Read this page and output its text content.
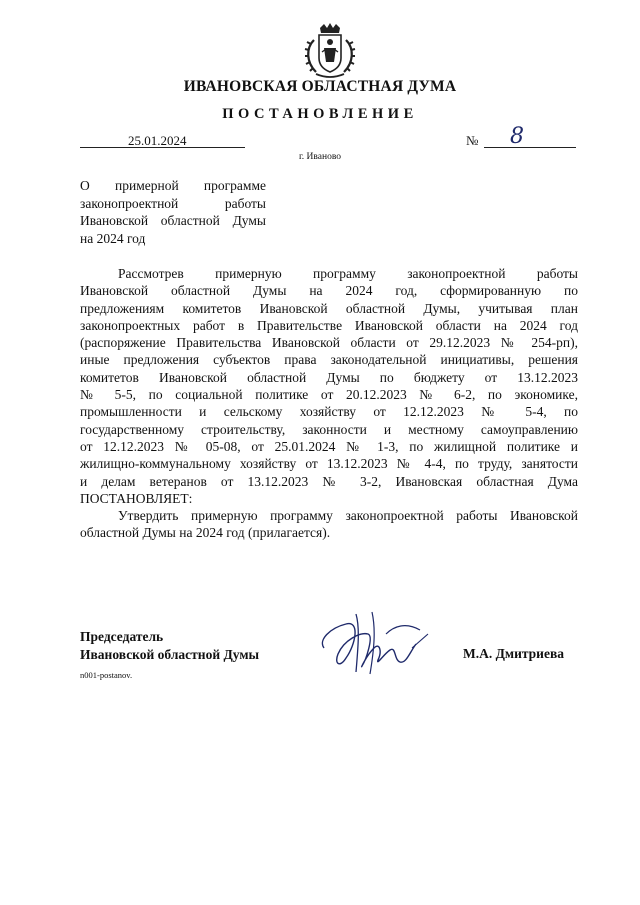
ИВАНОВСКАЯ ОБЛАСТНАЯ ДУМА
ПОСТАНОВЛЕНИЕ
25.01.2024	№ 8
г. Иваново
О примерной программе
законопроектной работы
Ивановской областной Думы
на 2024 год
Рассмотрев примерную программу законопроектной работы
Ивановской областной Думы на 2024 год, сформированную по
предложениям комитетов Ивановской областной Думы, учитывая план
законопроектных работ в Правительстве Ивановской области на 2024 год
(распоряжение Правительства Ивановской области от 29.12.2023 № 254-рп),
иные предложения субъектов права законодательной инициативы, решения
комитетов Ивановской областной Думы по бюджету от 13.12.2023
№ 5-5, по социальной политике от 20.12.2023 № 6-2, по экономике,
промышленности и сельскому хозяйству от 12.12.2023 № 5-4, по
государственному строительству, законности и местному самоуправлению
от 12.12.2023 № 05-08, от 25.01.2024 № 1-3, по жилищной политике и
жилищно-коммунальному хозяйству от 13.12.2023 № 4-4, по труду, занятости
и делам ветеранов от 13.12.2023 № 3-2, Ивановская областная Дума
ПОСТАНОВЛЯЕТ:
Утвердить примерную программу законопроектной работы Ивановской
областной Думы на 2024 год (прилагается).
Председатель
Ивановской областной Думы	М.А. Дмитриева
n001-postanov.
